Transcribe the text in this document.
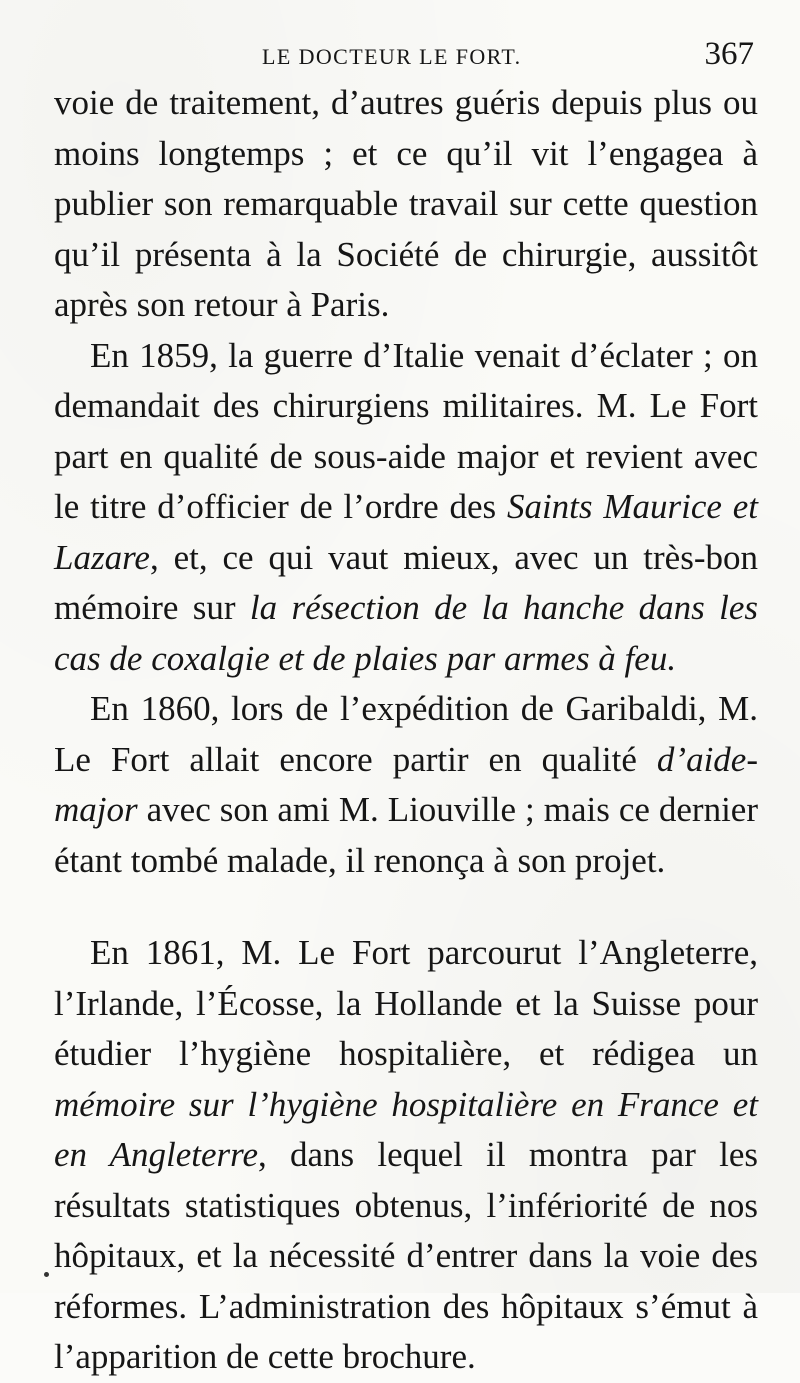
LE DOCTEUR LE FORT.	367

voie de traitement, d’autres guéris depuis plus ou moins longtemps ; et ce qu’il vit l’engagea à publier son remarquable travail sur cette question qu’il présenta à la Société de chirurgie, aussitôt après son retour à Paris.

En 1859, la guerre d’Italie venait d’éclater ; on demandait des chirurgiens militaires. M. Le Fort part en qualité de sous-aide major et revient avec le titre d’officier de l’ordre des Saints Maurice et Lazare, et, ce qui vaut mieux, avec un très-bon mémoire sur la résection de la hanche dans les cas de coxalgie et de plaies par armes à feu.

En 1860, lors de l’expédition de Garibaldi, M. Le Fort allait encore partir en qualité d’aide-major avec son ami M. Liouville ; mais ce dernier étant tombé malade, il renonça à son projet.

En 1861, M. Le Fort parcourut l’Angleterre, l’Irlande, l’Écosse, la Hollande et la Suisse pour étudier l’hygiène hospitalière, et rédigea un mémoire sur l’hygiène hospitalière en France et en Angleterre, dans lequel il montra par les résultats statistiques obtenus, l’infériorité de nos hôpitaux, et la nécessité d’entrer dans la voie des réformes. L’administration des hôpitaux s’émut à l’apparition de cette brochure.
